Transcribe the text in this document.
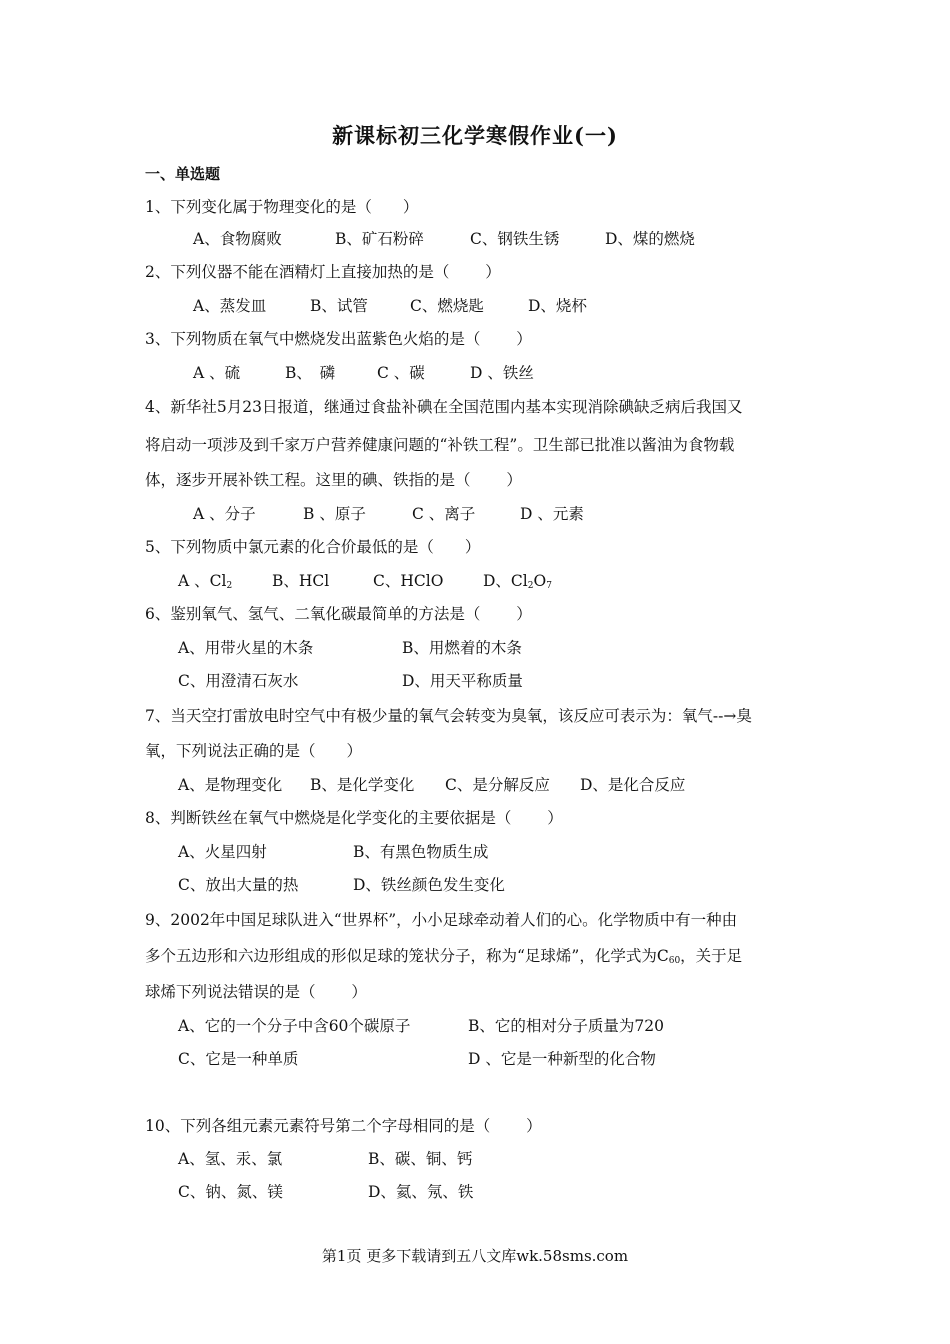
新课标初三化学寒假作业(一)
一、单选题
1、下列变化属于物理变化的是（　　）
A、食物腐败	B、矿石粉碎	C、钢铁生锈	D、煤的燃烧
2、下列仪器不能在酒精灯上直接加热的是（　　 ）
A、蒸发皿	B、试管	C、燃烧匙	D、烧杯
3、下列物质在氧气中燃烧发出蓝紫色火焰的是（　　 ）
A 、硫	B、　磷	C 、碳	D 、铁丝
4、新华社5月23日报道，继通过食盐补碘在全国范围内基本实现消除碘缺乏病后我国又
将启动一项涉及到千家万户营养健康问题的“补铁工程”。卫生部已批准以酱油为食物载
体，逐步开展补铁工程。这里的碘、铁指的是（　　 ）
A 、分子	B 、原子	C 、离子	D 、元素
5、下列物质中氯元素的化合价最低的是（　　）
A 、$Cl_2$	B、HCl	C、HClO	D、$Cl_2O_7$
6、鉴别氧气、氢气、二氧化碳最简单的方法是（　　 ）
A、用带火星的木条	B、用燃着的木条
C、用澄清石灰水	D、用天平称质量
7、当天空打雷放电时空气中有极少量的氧气会转变为臭氧，该反应可表示为：氧气--→臭
氧，下列说法正确的是（　　）
A、是物理变化 B、是化学变化 C、是分解反应 D、是化合反应
8、判断铁丝在氧气中燃烧是化学变化的主要依据是（　　 ）
A、火星四射	B、有黑色物质生成
C、放出大量的热	D、铁丝颜色发生变化
9、2002年中国足球队进入“世界杯”，小小足球牵动着人们的心。化学物质中有一种由
多个五边形和六边形组成的形似足球的笼状分子，称为“足球烯”，化学式为$C_{60}$，关于足
球烯下列说法错误的是（　　 ）
A、它的一个分子中含60个碳原子	B、它的相对分子质量为720
C、它是一种单质	D 、它是一种新型的化合物
10、下列各组元素元素符号第二个字母相同的是（　　 ）
A、氢、汞、氯	B、碳、铜、钙
C、钠、氮、镁	D、氦、氖、铁
第1页 更多下载请到五八文库wk.58sms.com
